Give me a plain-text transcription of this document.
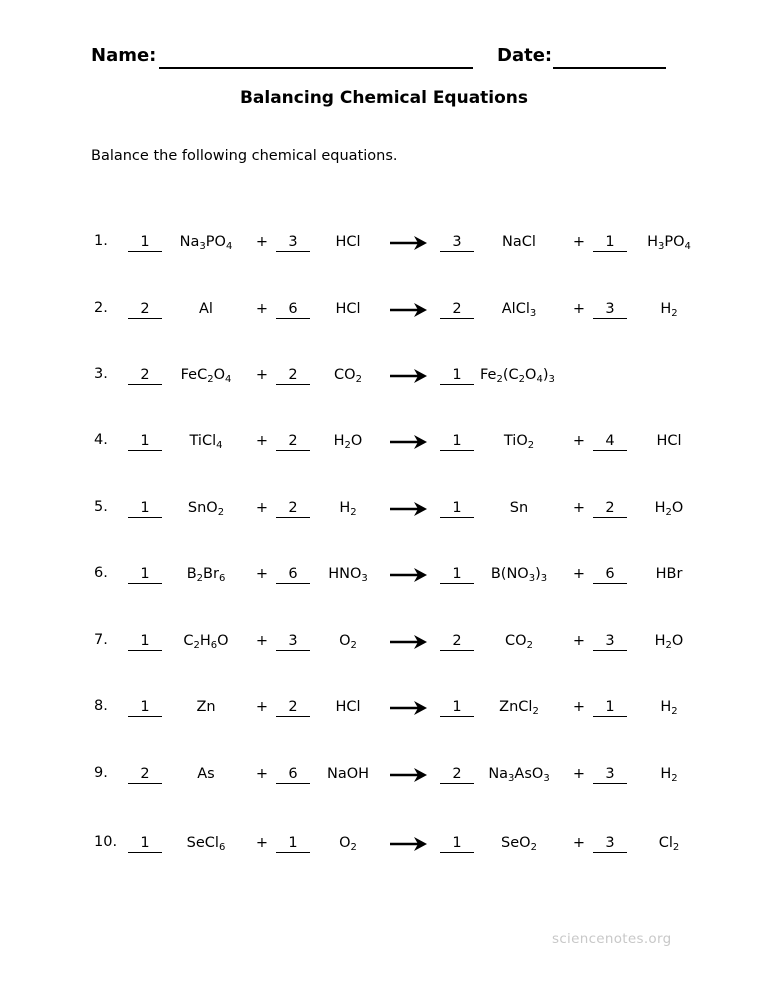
Name:	Date:
Balancing Chemical Equations
Balance the following chemical equations.
1.	1	$Na_3PO_4$	+	3	HCl	3	NaCl	+	1	$H_3PO_4$
2.	2	Al	+	6	HCl	2	AlCl$_3$	+	3	$H_2$
3.	2	$FeC_2O_4$	+	2	$CO_2$	1	$Fe_2(C_2O_4)_3$
4.	1	TiCl$_4$	+	2	$H_2O$	1	TiO$_2$	+	4	HCl
5.	1	SnO$_2$	+	2	$H_2$	1	Sn	+	2	$H_2O$
6.	1	$B_2Br_6$	+	6	$HNO_3$	→	1	$B(NO_3)_3$	+	6	HBr
7.	1	$C_2H_6O$	+	3	$O_2$	2	$CO_2$	+	3	$H_2O$
8.	1	Zn	+	2	HCl	1	ZnCl$_2$	+	1	$H_2$
9.	2	As	+	6	NaOH	→	2	$Na_3AsO_3$	+	3	$H_2$
10.	1	SeCl$_6$	+	1	$O_2$	1	SeO$_2$	+	3	$Cl_2$
sciencenotes.org
